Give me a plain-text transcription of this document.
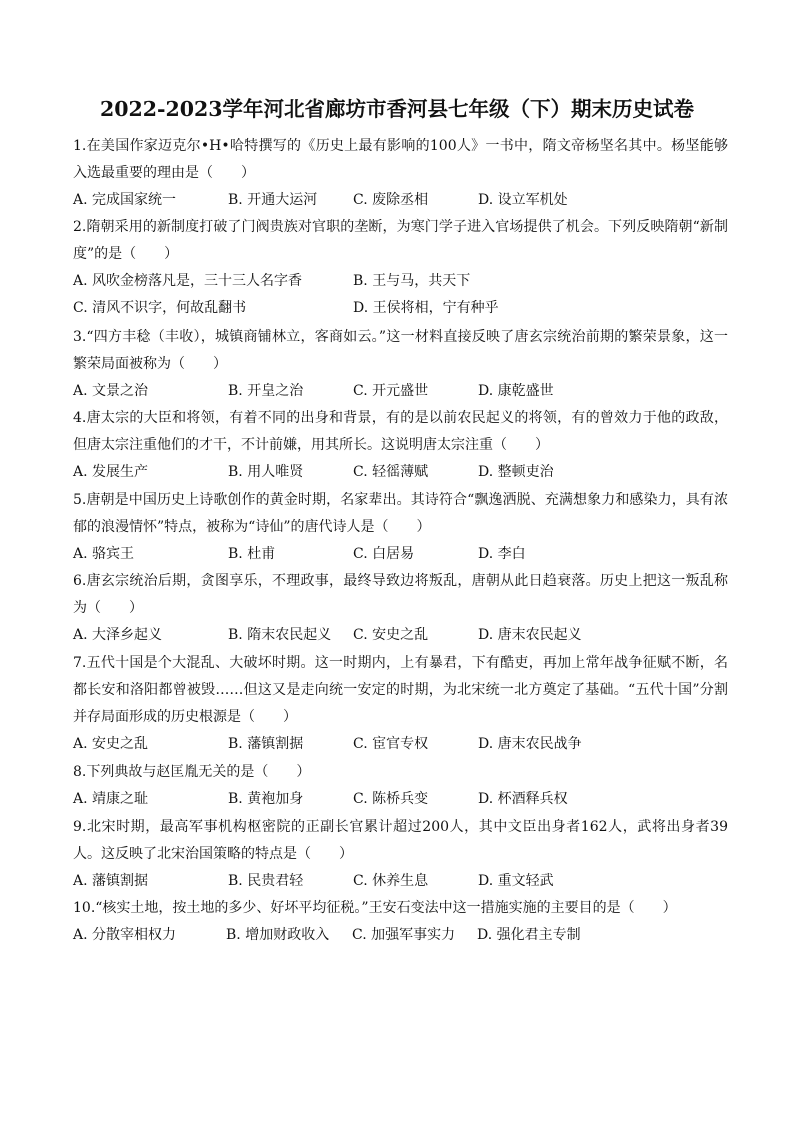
2022-2023学年河北省廊坊市香河县七年级（下）期末历史试卷
1.在美国作家迈克尔•H•哈特撰写的《历史上最有影响的100人》一书中，隋文帝杨坚名其中。杨坚能够入选最重要的理由是（　　）
A. 完成国家统一	B. 开通大运河	C. 废除丞相	D. 设立军机处
2.隋朝采用的新制度打破了门阀贵族对官职的垄断，为寒门学子进入官场提供了机会。下列反映隋朝“新制度”的是（　　）
A. 风吹金榜落凡是，三十三人名字香	B. 王与马，共天下
C. 清风不识字，何故乱翻书	D. 王侯将相，宁有种乎
3.“四方丰稔（丰收），城镇商铺林立，客商如云。”这一材料直接反映了唐玄宗统治前期的繁荣景象，这一繁荣局面被称为（　　）
A. 文景之治	B. 开皇之治	C. 开元盛世	D. 康乾盛世
4.唐太宗的大臣和将领，有着不同的出身和背景，有的是以前农民起义的将领，有的曾效力于他的政敌，但唐太宗注重他们的才干，不计前嫌，用其所长。这说明唐太宗注重（　　）
A. 发展生产	B. 用人唯贤	C. 轻徭薄赋	D. 整顿吏治
5.唐朝是中国历史上诗歌创作的黄金时期，名家辈出。其诗符合“飘逸洒脱、充满想象力和感染力，具有浓郁的浪漫情怀”特点，被称为“诗仙”的唐代诗人是（　　）
A. 骆宾王	B. 杜甫	C. 白居易	D. 李白
6.唐玄宗统治后期，贪图享乐，不理政事，最终导致边将叛乱，唐朝从此日趋衰落。历史上把这一叛乱称为（　　）
A. 大泽乡起义	B. 隋末农民起义 C. 安史之乱	D. 唐末农民起义
7.五代十国是个大混乱、大破坏时期。这一时期内，上有暴君，下有酷吏，再加上常年战争征赋不断，名都长安和洛阳都曾被毁……但这又是走向统一安定的时期，为北宋统一北方奠定了基础。“五代十国”分割并存局面形成的历史根源是（　　）
A. 安史之乱	B. 藩镇割据	C. 宦官专权	D. 唐末农民战争
8.下列典故与赵匡胤无关的是（　　）
A. 靖康之耻	B. 黄袍加身	C. 陈桥兵变	D. 杯酒释兵权
9.北宋时期，最高军事机构枢密院的正副长官累计超过200人，其中文臣出身者162人，武将出身者39人。这反映了北宋治国策略的特点是（　　）
A. 藩镇割据	B. 民贵君轻	C. 休养生息	D. 重文轻武
10.“核实土地，按土地的多少、好坏平均征税。”王安石变法中这一措施实施的主要目的是（　　）
A. 分散宰相权力	B. 增加财政收入 C. 加强军事实力 D. 强化君主专制
